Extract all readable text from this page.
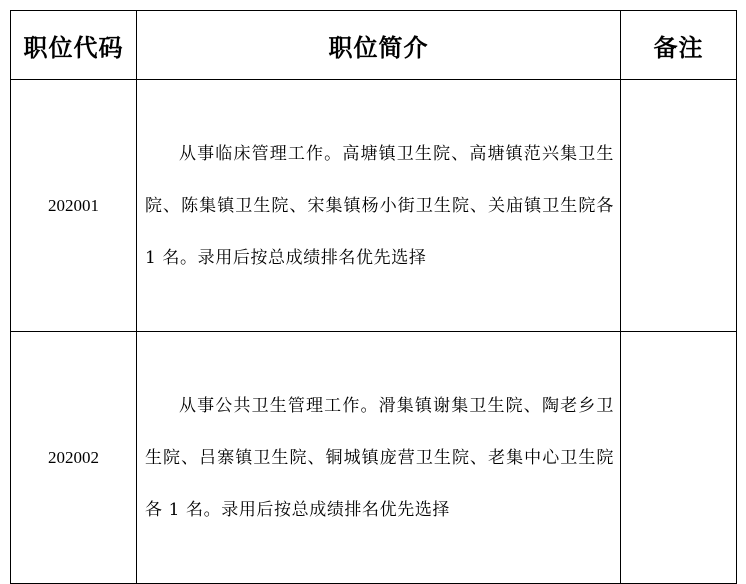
职位代码	职位简介	备注
202001	从事临床管理工作。高塘镇卫生院、高塘镇范兴集卫生院、陈集镇卫生院、宋集镇杨小街卫生院、关庙镇卫生院各 1 名。录用后按总成绩排名优先选择	
202002	从事公共卫生管理工作。滑集镇谢集卫生院、陶老乡卫生院、吕寨镇卫生院、铜城镇庞营卫生院、老集中心卫生院各 1 名。录用后按总成绩排名优先选择	
